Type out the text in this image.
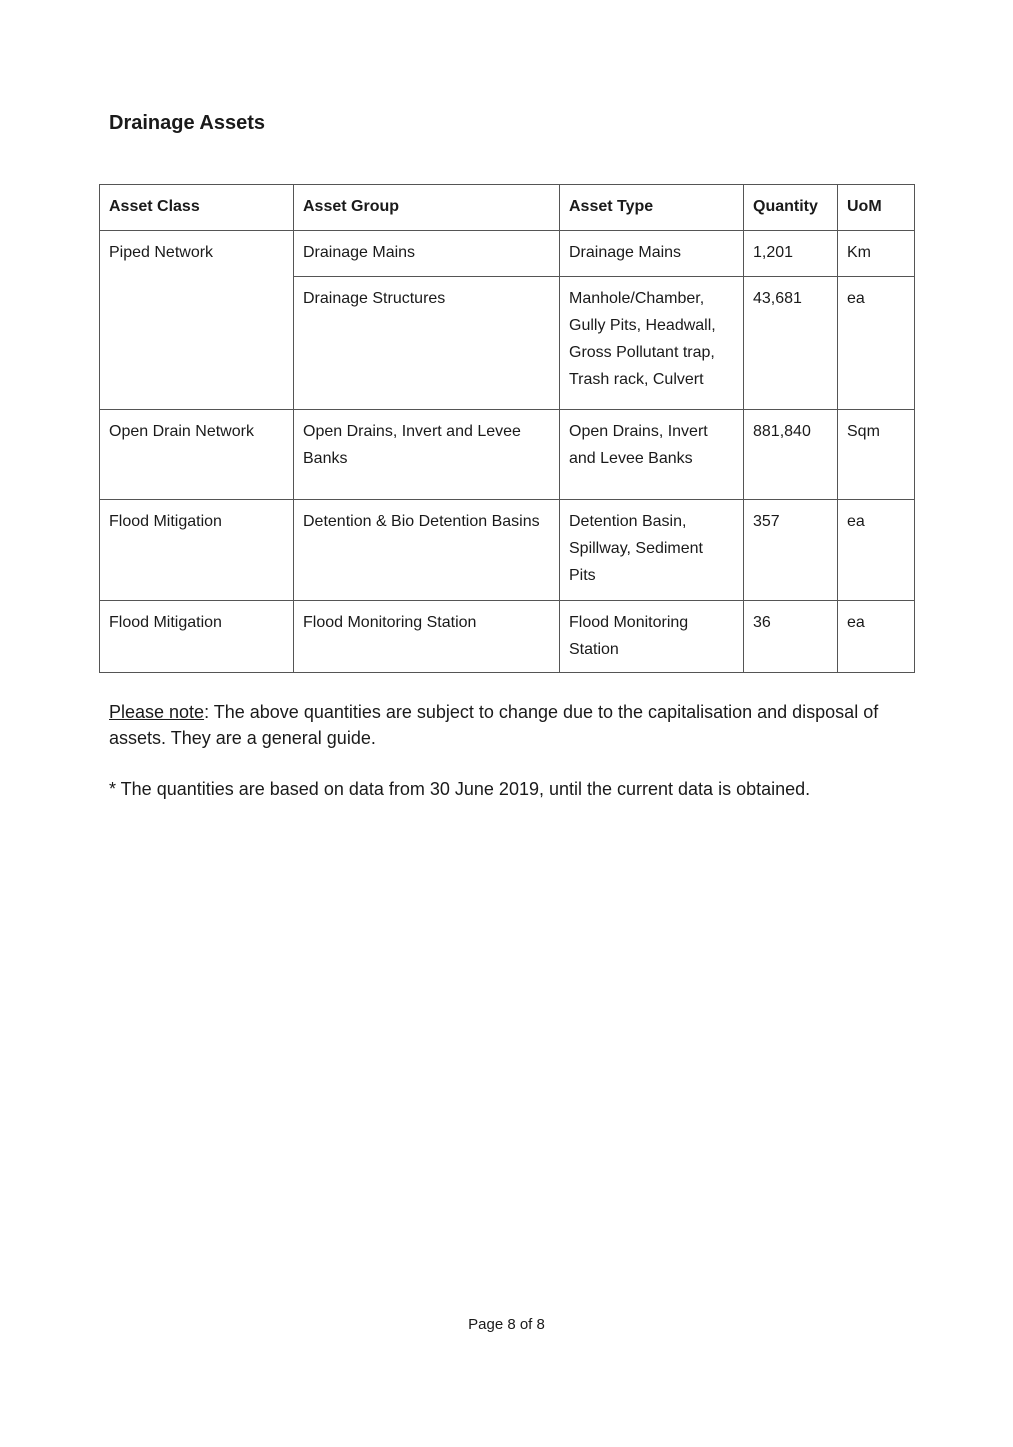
Drainage Assets
Asset Class	Asset Group	Asset Type	Quantity	UoM
Piped Network	Drainage Mains	Drainage Mains	1,201	Km
	Drainage Structures	Manhole/Chamber, Gully Pits, Headwall, Gross Pollutant trap, Trash rack, Culvert	43,681	ea
Open Drain Network	Open Drains, Invert and Levee Banks	Open Drains, Invert and Levee Banks	881,840	Sqm
Flood Mitigation	Detention & Bio Detention Basins	Detention Basin, Spillway, Sediment Pits	357	ea
Flood Mitigation	Flood Monitoring Station	Flood Monitoring Station	36	ea

Please note: The above quantities are subject to change due to the capitalisation and disposal of assets. They are a general guide.

* The quantities are based on data from 30 June 2019, until the current data is obtained.

Page 8 of 8
